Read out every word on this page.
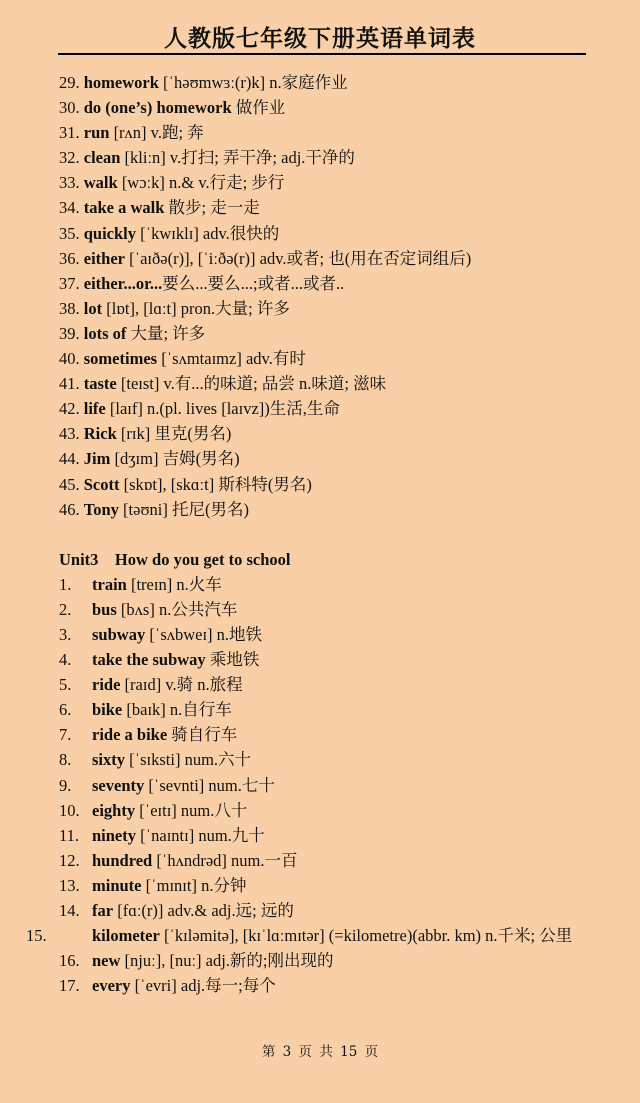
人教版七年级下册英语单词表
29. homework [ˈhəʊmwɜː(r)k] n.家庭作业
30. do (one’s) homework 做作业
31. run [rʌn] v.跑; 奔
32. clean [kliːn] v.打扫; 弄干净; adj.干净的
33. walk [wɔːk] n.& v.行走; 步行
34. take a walk 散步; 走一走
35. quickly [ˈkwɪklɪ] adv.很快的
36. either [ˈaɪðə(r)], [ˈiːðə(r)] adv.或者; 也(用在否定词组后)
37. either...or...要么...要么...;或者...或者..
38. lot [lɒt], [lɑːt] pron.大量; 许多
39. lots of 大量; 许多
40. sometimes [ˈsʌmtaɪmz] adv.有时
41. taste [teɪst] v.有...的味道; 品尝 n.味道; 滋味
42. life [laɪf] n.(pl. lives [laɪvz])生活,生命
43. Rick [rɪk] 里克(男名)
44. Jim [dʒɪm] 吉姆(男名)
45. Scott [skɒt], [skɑːt] 斯科特(男名)
46. Tony [təʊni] 托尼(男名)
Unit3    How do you get to school
1. train [treɪn] n.火车
2. bus [bʌs] n.公共汽车
3. subway [ˈsʌbweɪ] n.地铁
4. take the subway 乘地铁
5. ride [raɪd] v.骑 n.旅程
6. bike [baɪk] n.自行车
7. ride a bike 骑自行车
8. sixty [ˈsɪksti] num.六十
9. seventy [ˈsevnti] num.七十
10. eighty [ˈeɪtɪ] num.八十
11. ninety [ˈnaɪntɪ] num.九十
12. hundred [ˈhʌndrəd] num.一百
13. minute [ˈmɪnɪt] n.分钟
14. far [fɑː(r)] adv.& adj.远; 远的
15.	kilometer [ˈkɪləmitə], [kɪˈlɑːmɪtər] (=kilometre)(abbr. km) n.千米; 公里
16. new [njuː], [nuː] adj.新的;刚出现的
17. every [ˈevri] adj.每一;每个
第 3 页 共 15 页
